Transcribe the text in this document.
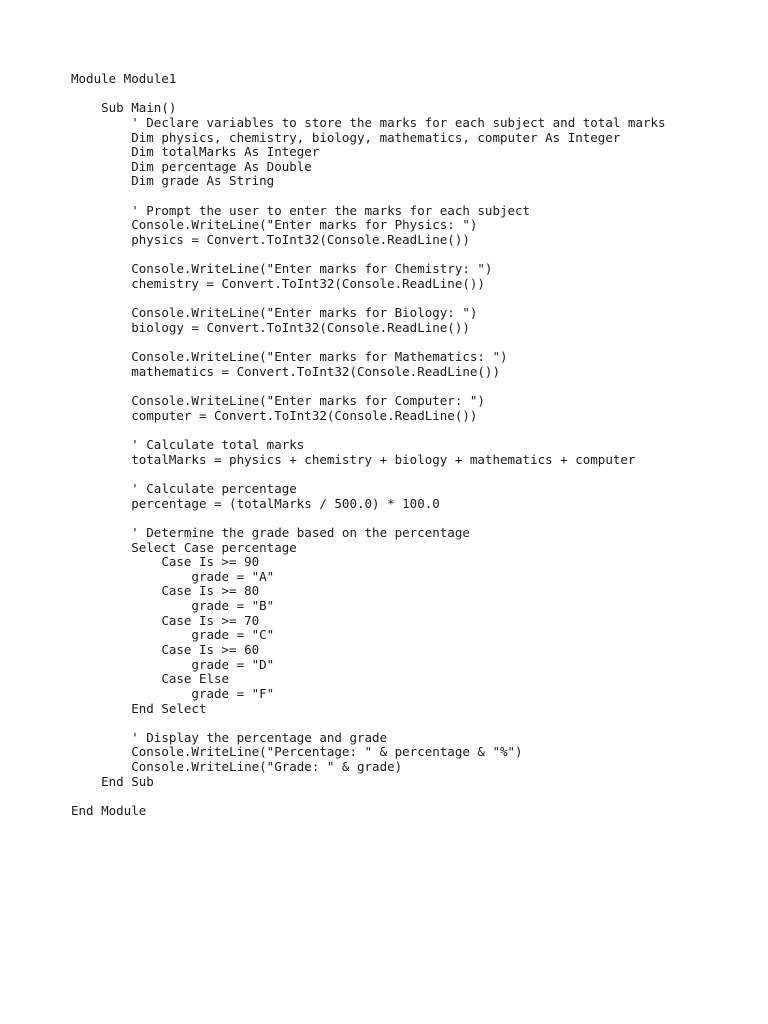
Module Module1
Sub Main()
' Declare variables to store the marks for each subject and total marks
Dim physics, chemistry, biology, mathematics, computer As Integer
Dim totalMarks As Integer
Dim percentage As Double
Dim grade As String
' Prompt the user to enter the marks for each subject
Console.WriteLine("Enter marks for Physics: ")
physics = Convert.ToInt32(Console.ReadLine())
Console.WriteLine("Enter marks for Chemistry: ")
chemistry = Convert.ToInt32(Console.ReadLine())
Console.WriteLine("Enter marks for Biology: ")
biology = Convert.ToInt32(Console.ReadLine())
Console.WriteLine("Enter marks for Mathematics: ")
mathematics = Convert.ToInt32(Console.ReadLine())
Console.WriteLine("Enter marks for Computer: ")
computer = Convert.ToInt32(Console.ReadLine())
' Calculate total marks
totalMarks = physics + chemistry + biology + mathematics + computer
' Calculate percentage
percentage = (totalMarks / 500.0) * 100.0
' Determine the grade based on the percentage
Select Case percentage
Case Is >= 90
grade = "A"
Case Is >= 80
grade = "B"
Case Is >= 70
grade = "C"
Case Is >= 60
grade = "D"
Case Else
grade = "F"
End Select
' Display the percentage and grade
Console.WriteLine("Percentage: " & percentage & "%")
Console.WriteLine("Grade: " & grade)
End Sub
End Module
